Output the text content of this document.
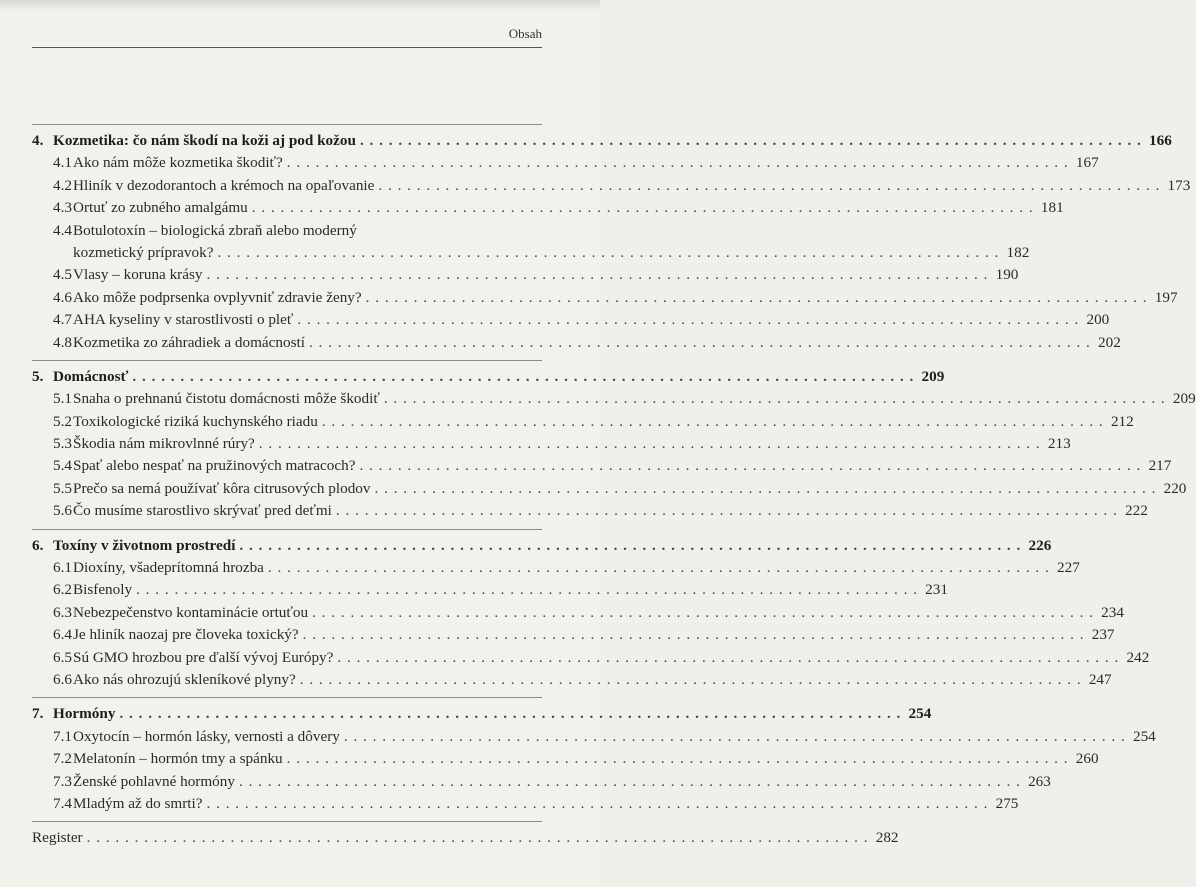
Obsah
4. Kozmetika: čo nám škodí na koži aj pod kožou . . .	166
4.1 Ako nám môže kozmetika škodiť? . . .	167
4.2 Hliník v dezodorantoch a krémoch na opaľovanie . . .	173
4.3 Ortuť zo zubného amalgámu . . .	181
4.4 Botulotoxín – biologická zbraň alebo moderný
kozmetický prípravok? . . .	182
4.5 Vlasy – koruna krásy . . .	190
4.6 Ako môže podprsenka ovplyvniť zdravie ženy? . . .	197
4.7 AHA kyseliny v starostlivosti o pleť . . .	200
4.8 Kozmetika zo záhradiek a domácností . . .	202
5. Domácnosť . . .	209
5.1 Snaha o prehnanú čistotu domácnosti môže škodiť . . .	209
5.2 Toxikologické riziká kuchynského riadu . . .	212
5.3 Škodia nám mikrovlnné rúry? . . .	213
5.4 Spať alebo nespať na pružinových matracoch? . . .	217
5.5 Prečo sa nemá používať kôra citrusových plodov . . .	220
5.6 Čo musíme starostlivo skrývať pred deťmi . . .	222
6. Toxíny v životnom prostredí . . .	226
6.1 Dioxíny, všadeprítomná hrozba . . .	227
6.2 Bisfenoly . . .	231
6.3 Nebezpečenstvo kontaminácie ortuťou . . .	234
6.4 Je hliník naozaj pre človeka toxický? . . .	237
6.5 Sú GMO hrozbou pre ďalší vývoj Európy? . . .	242
6.6 Ako nás ohrozujú skleníkové plyny? . . .	247
7. Hormóny . . .	254
7.1 Oxytocín – hormón lásky, vernosti a dôvery . . .	254
7.2 Melatonín – hormón tmy a spánku . . .	260
7.3 Ženské pohlavné hormóny . . .	263
7.4 Mladým až do smrti? . . .	275
Register . . .	282
